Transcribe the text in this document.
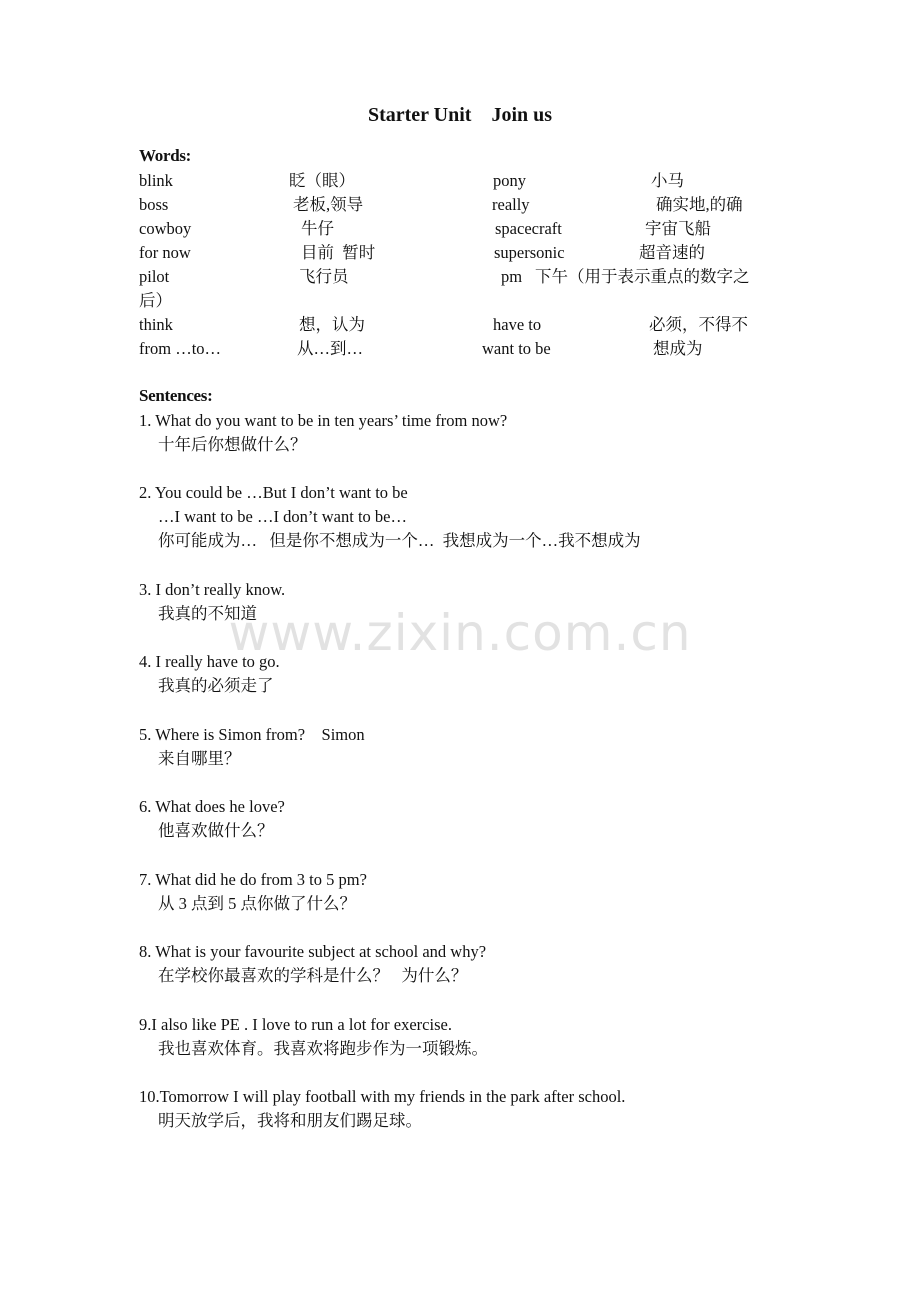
Starter Unit    Join us
Words:
blink	眨（眼）	pony	小马
boss	老板,领导	really	确实地,的确
cowboy	牛仔	spacecraft	宇宙飞船
for now	目前  暂时	supersonic	超音速的
pilot	飞行员	pm 下午（用于表示重点的数字之
后）
think	想，认为	have to	必须，不得不
from …to…	从…到…	want to be	想成为
Sentences:
1. What do you want to be in ten years’ time from now?
十年后你想做什么？
2. You could be …But I don’t want to be
…I want to be …I don’t want to be…
你可能成为…   但是你不想成为一个…  我想成为一个…我不想成为
3. I don’t really know.
我真的不知道
4. I really have to go.
我真的必须走了
5. Where is Simon from?    Simon
来自哪里？
6. What does he love?
他喜欢做什么？
7. What did he do from 3 to 5 pm?
从 3 点到 5 点你做了什么？
8. What is your favourite subject at school and why?
在学校你最喜欢的学科是什么？   为什么？
9.I also like PE . I love to run a lot for exercise.
我也喜欢体育。我喜欢将跑步作为一项锻炼。
10.Tomorrow I will play football with my friends in the park after school.
明天放学后，我将和朋友们踢足球。
www.zixin.com.cn
